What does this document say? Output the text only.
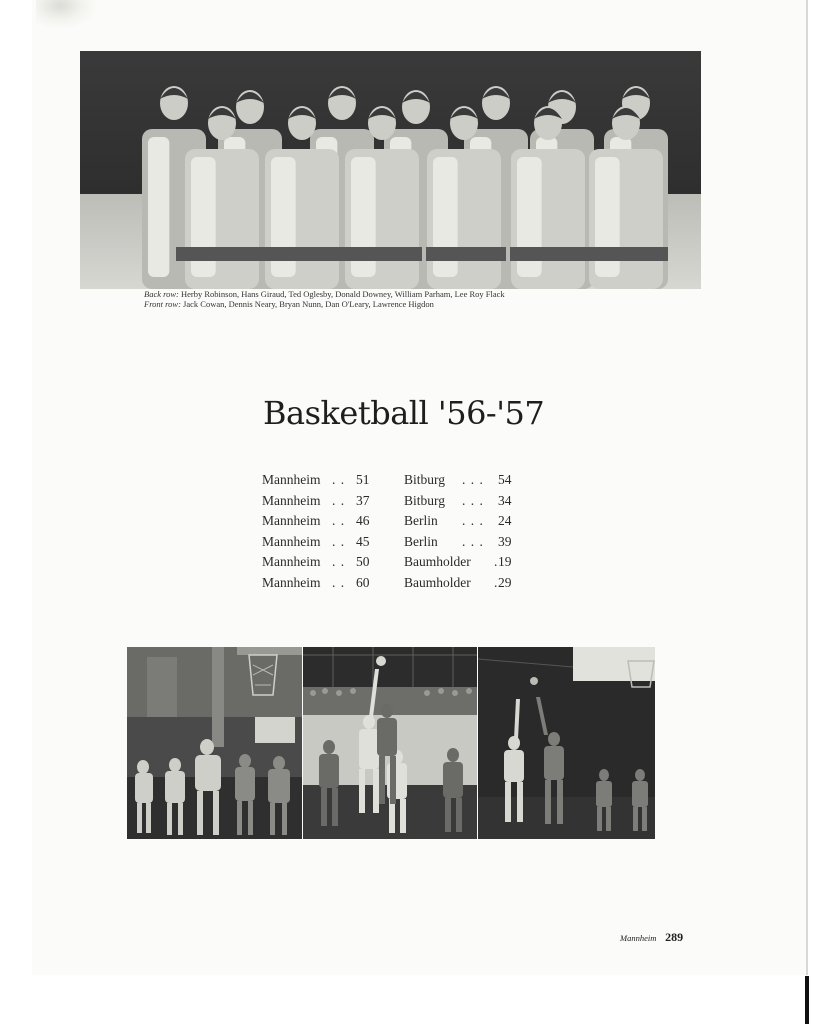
Back row: Herby Robinson, Hans Giraud, Ted Oglesby, Donald Downey, William Parham, Lee Roy Flack
Front row: Jack Cowan, Dennis Neary, Bryan Nunn, Dan O'Leary, Lawrence Higdon
Basketball '56-'57
Mannheim . . 51	Bitburg . . . 54
Mannheim . . 37	Bitburg . . . 34
Mannheim . . 46	Berlin . . . 24
Mannheim . . 45	Berlin . . . 39
Mannheim . . 50	Baumholder . 19
Mannheim . . 60	Baumholder . 29
Mannheim 289
